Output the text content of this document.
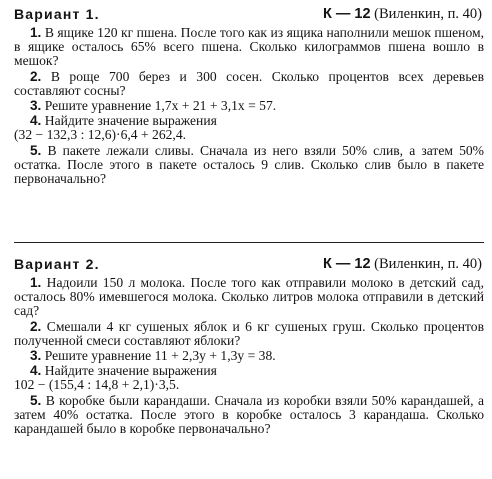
Вариант 1.	К — 12 (Виленкин, п. 40)

1. В ящике 120 кг пшена. После того как из ящика наполнили мешок пшеном, в ящике осталось 65% всего пшена. Сколько килограммов пшена вошло в мешок?

2. В роще 700 берез и 300 сосен. Сколько процентов всех деревьев составляют сосны?

3. Решите уравнение 1,7x + 21 + 3,1x = 57.

4. Найдите значение выражения
(32 − 132,3 : 12,6)·6,4 + 262,4.

5. В пакете лежали сливы. Сначала из него взяли 50% слив, а затем 50% остатка. После этого в пакете осталось 9 слив. Сколько слив было в пакете первоначально?

Вариант 2.	К — 12 (Виленкин, п. 40)

1. Надоили 150 л молока. После того как отправили молоко в детский сад, осталось 80% имевшегося молока. Сколько литров молока отправили в детский сад?

2. Смешали 4 кг сушеных яблок и 6 кг сушеных груш. Сколько процентов полученной смеси составляют яблоки?

3. Решите уравнение 11 + 2,3y + 1,3y = 38.

4. Найдите значение выражения
102 − (155,4 : 14,8 + 2,1)·3,5.

5. В коробке были карандаши. Сначала из коробки взяли 50% карандашей, а затем 40% остатка. После этого в коробке осталось 3 карандаша. Сколько карандашей было в коробке первоначально?
